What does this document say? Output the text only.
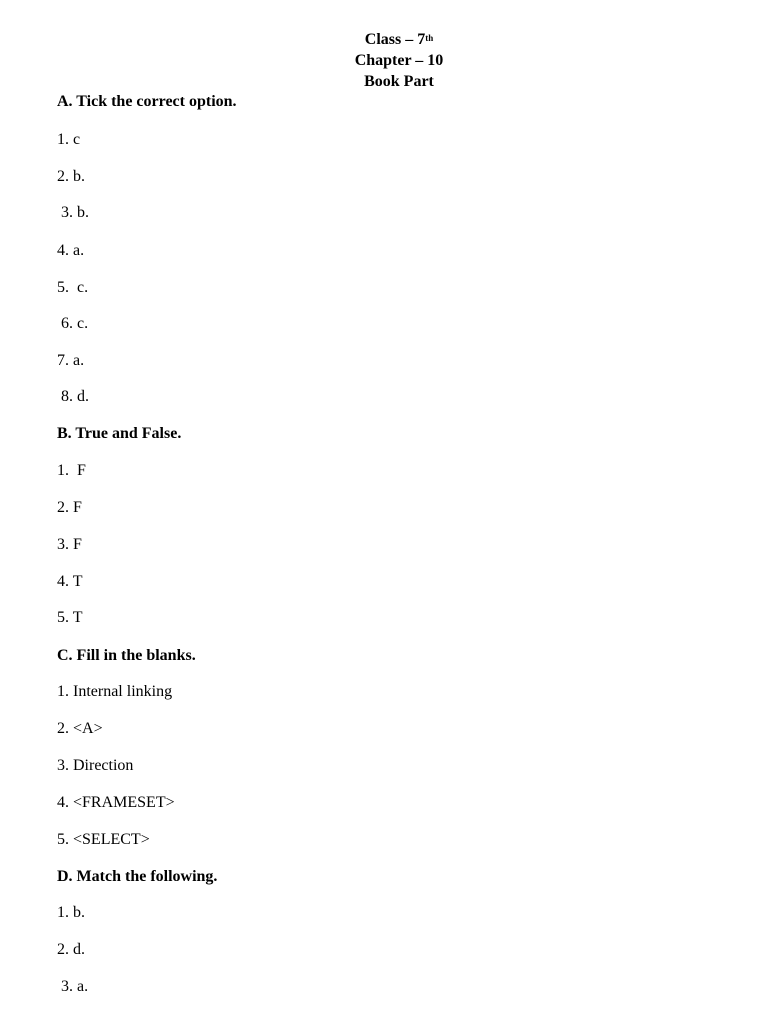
Class – 7th
Chapter – 10
Book Part
A. Tick the correct option.
1. c
2. b.
3. b.
4. a.
5.  c.
6. c.
7. a.
8. d.
B. True and False.
1.  F
2. F
3. F
4. T
5. T
C. Fill in the blanks.
1. Internal linking
2. <A>
3. Direction
4. <FRAMESET>
5. <SELECT>
D. Match the following.
1. b.
2. d.
3. a.
